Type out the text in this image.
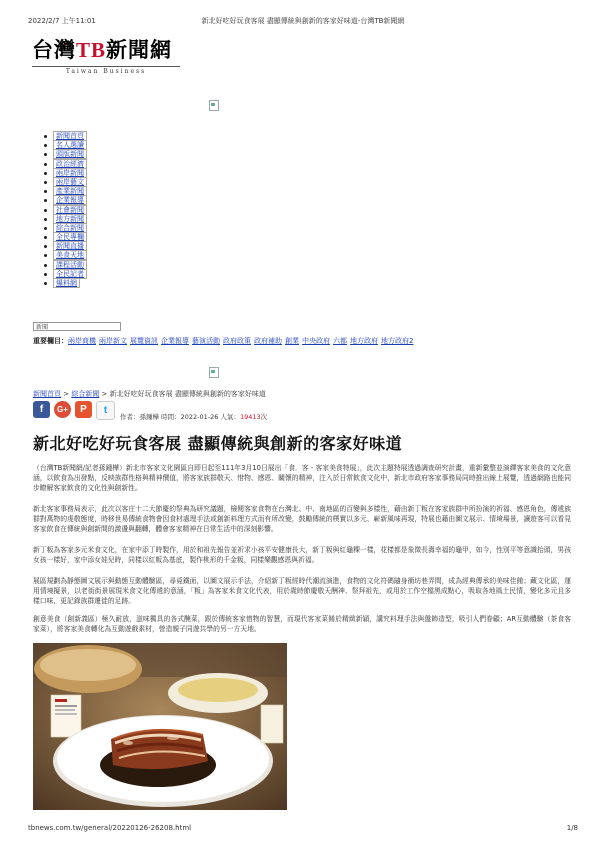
2022/2/7 上午11:01	新北好吃好玩食客展 盡顯傳統與創新的客家好味道-台灣TB新聞網
台灣TB新聞網
Taiwan Business
新聞首頁
名人選讀
頭版新聞
政治經濟
兩岸新聞
兩岸藝文
產業新聞
企業報導
社會新聞
地方新聞
綜合新聞
全民專欄
新聞直播
美食天地
課程活動
全民記者
爆料網
新聞
重要欄目：兩岸商機 兩岸新文 展覽資訊 企業報導 藝演活動 政府政策 政府補助 創業 中央政府 六都 地方政府 地方政府2
新聞首頁 > 綜合新聞 > 新北好吃好玩食客展 盡顯傳統與創新的客家好味道
f	G+	P	t
作者：孫鍾樺 時間：2022-01-26 人氣：19413次
新北好吃好玩食客展 盡顯傳統與創新的客家好味道

（台灣TB新聞網/記者孫鍾樺）新北市客家文化園區自即日起至111年3月10日展出「食．客 - 客家美食特展」，此次主題特展透過調查研究計畫，重新彙整並演繹客家美食的文化意涵，以飲食為出發點，反映族群性格與精神價值，將客家族群敬天、惜物、感恩、關懷的精神，注入於日常飲食文化中，新北市政府客家事務局同時推出線上展覽，透過網路也能同步瞭解客家飲食的文化性與創新性。

新北客家事務局表示，此次以客庄十二大節慶的祭典為研究議題，檢閱客家食物在台灣北、中、南地區的百變與多樣性，藉由新丁粄在客家族群中所扮演的祈福、感恩角色，傳遞族群對萬物的虔敬態度，時移世易傳統食物會因食材處理手法或創新料理方式而有所改變，鼓勵傳統的樸實以多元、嶄新風味再現，特展也藉由圖文展示、情境場景，讓遊客可以看見客家飲食在傳統與創新間的激盪與翻轉，體會客家精神在日常生活中的深刻影響。

新丁粄為客家多元米食文化，在家中添丁時製作，用於和祖先報告並祈求小孩平安健康長大，新丁粄與紅龜粿一樣，花樣都是象徵長壽幸福的龜甲，如今，性別平等意識抬頭，男孩女孩一樣好，家中添女娃兒時，同樣以紅粄為基底，製作桃形的千金粄，同樣樂觀感恩與祈福。

展區規劃為靜態圖文展示與動態互動體驗區，尋覓鐵面，以圖文展示手法，介紹新丁粄經時代潮流演進，食物的文化符碼隨身衝坊巷弄間，成為經典傳承的美味佳餚；藏文化區，運用情境擬景，以老街街景展現米食文化傳遞的意涵，「粄」為客家米食文化代表，用於歲時節慶敬天酬神、祭拜祖先，或用於工作空檔黑成點心，吸取各地風土民情，變化多元且多樣口味，更記錄族群遷徙的足跡。

創意美食（創新義區）極久耐放，滋味獨具的各式醃菜，跟於傳統客家惜物的智慧，而現代客家菜餚於精緻新穎，講究料理手法與盤飾造型，吸引人們眷顧；AR互動體驗（茶食客家菜），將客家美食轉化為互動遊戲素材，營造親子同遊共學的另一方天地。

tbnews.com.tw/general/20220126-26208.html	1/8
